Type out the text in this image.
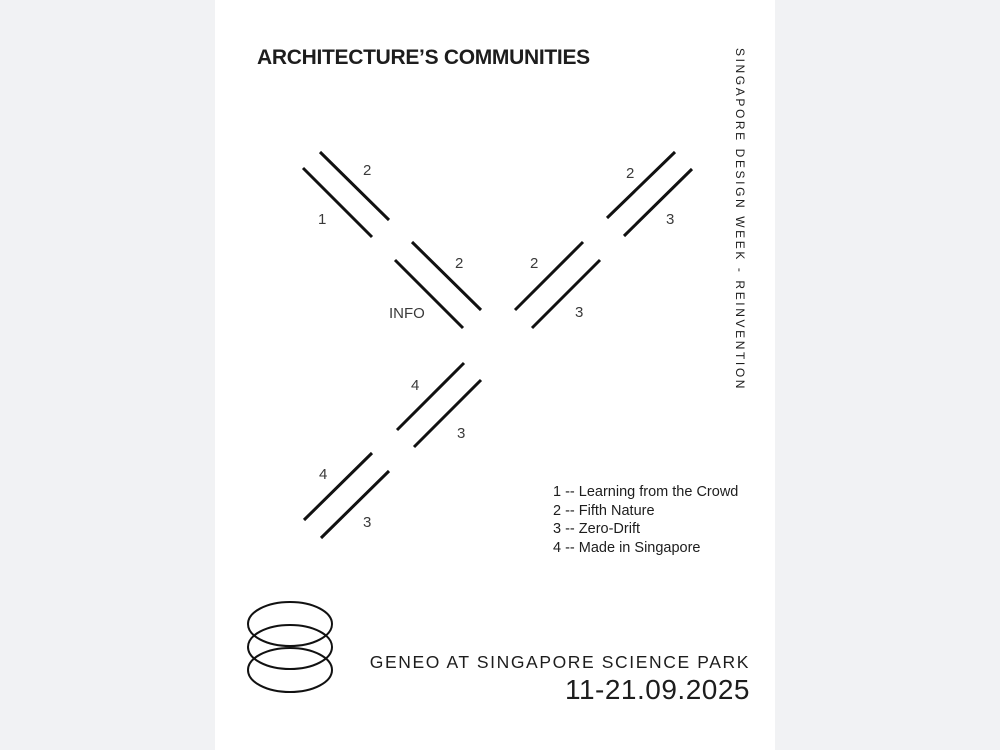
ARCHITECTURE’S COMMUNITIES	SINGAPORE DESIGN WEEK - REINVENTION
1
2
2
INFO
2
3
2
3
4
3
4
3
1 -- Learning from the Crowd
2 -- Fifth Nature
3 -- Zero-Drift
4 -- Made in Singapore
GENEO AT SINGAPORE SCIENCE PARK
11-21.09.2025
